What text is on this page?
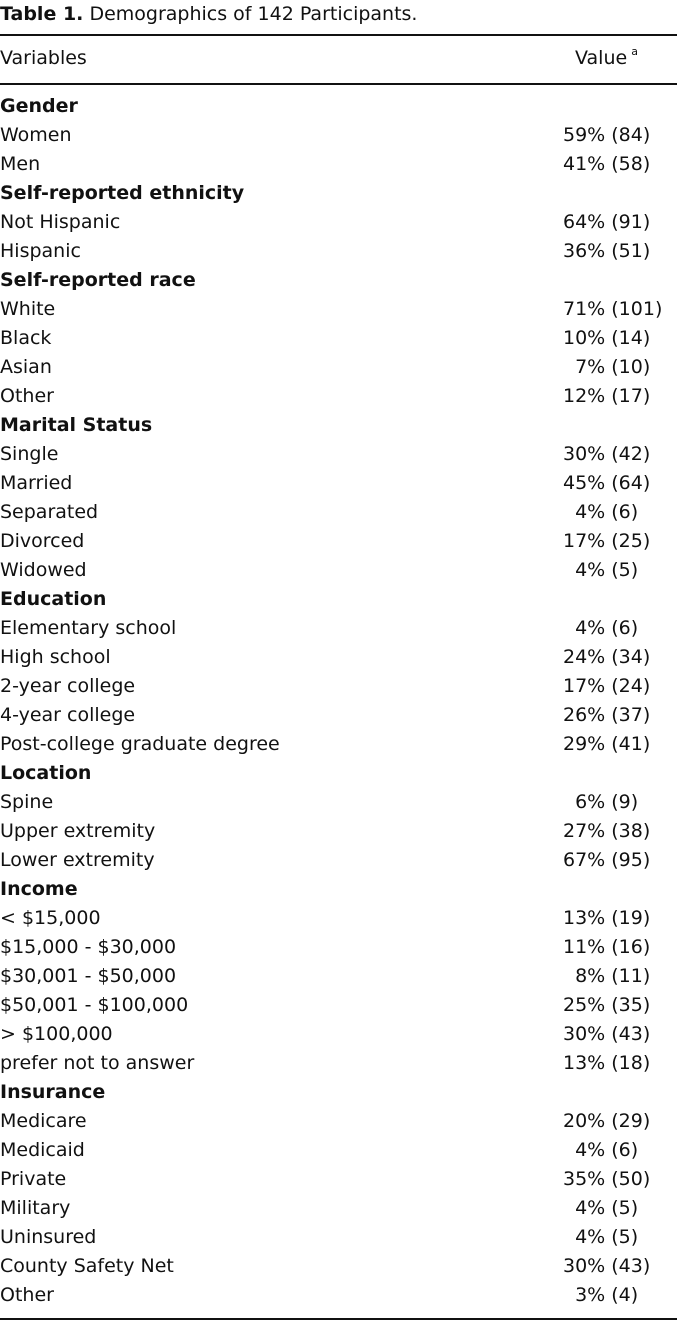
Table 1. Demographics of 142 Participants.
Variables	Value $^a$
Gender
Women	59% (84)
Men	41% (58)
Self-reported ethnicity
Not Hispanic	64% (91)
Hispanic	36% (51)
Self-reported race
White	71% (101)
Black	10% (14)
Asian	 7% (10)
Other	12% (17)
Marital Status
Single	30% (42)
Married	45% (64)
Separated	 4% (6)
Divorced	17% (25)
Widowed	 4% (5)
Education
Elementary school	 4% (6)
High school	24% (34)
2-year college	17% (24)
4-year college	26% (37)
Post-college graduate degree	29% (41)
Location
Spine	 6% (9)
Upper extremity	27% (38)
Lower extremity	67% (95)
Income
< $15,000	13% (19)
$15,000 - $30,000	11% (16)
$30,001 - $50,000	 8% (11)
$50,001 - $100,000	25% (35)
> $100,000	30% (43)
prefer not to answer	13% (18)
Insurance
Medicare	20% (29)
Medicaid	 4% (6)
Private	35% (50)
Military	 4% (5)
Uninsured	 4% (5)
County Safety Net	30% (43)
Other	 3% (4)
